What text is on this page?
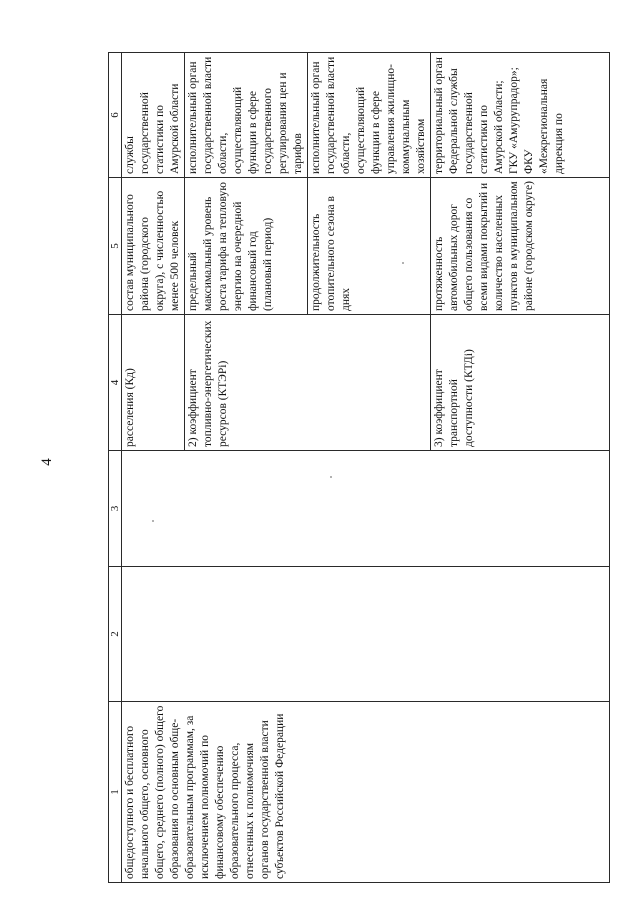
4
1	2	3	4	5	6
общедоступного и бесплатного начального общего, основного общего, среднего (полного) общего образования по основным обще-образовательным программам, за исключением полномочий по финансовому обеспечению образовательного процесса, отнесенных к полномочиям органов государственной власти субъектов Российской Федерации			расселения (Кд)	состав муниципального района (городского округа), с численностью менее 500 человек	службы государственной статистики по Амурской области
			2) коэффициент топливно-энергетических ресурсов (КТЭРi)	предельный максимальный уровень роста тарифа на тепловую энергию на очередной финансовый год (плановый период)	исполнительный орган государственной власти области, осуществляющий функции в сфере государственного регулирования цен и тарифов
				продолжительность отопительного сезона в днях	исполнительный орган государственной власти области, осуществляющий функции в сфере управления жилищно-коммунальным хозяйством
			3) коэффициент транспортной доступности (КТДi)	протяженность автомобильных дорог общего пользования со всеми видами покрытий и количество населенных пунктов в муниципальном районе (городском округе)	территориальный орган Федеральной службы государственной статистики по Амурской области; ГКУ «Амурупрадор»; ФКУ «Межрегиональная дирекция по
